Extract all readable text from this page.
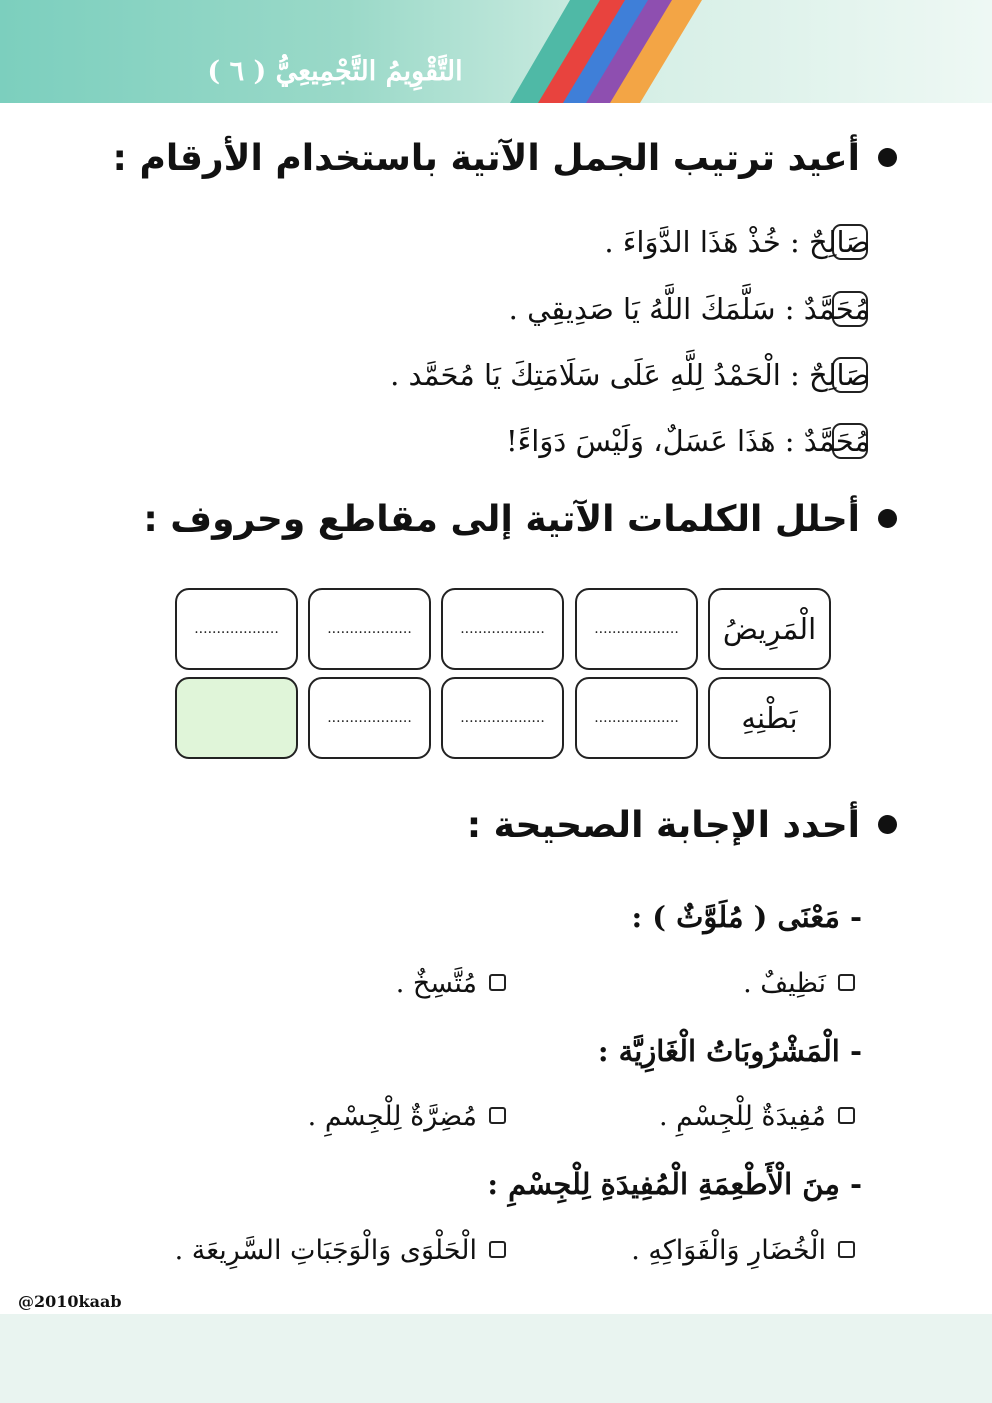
التَّقْوِيمُ التَّجْمِيعِيُّ ( ٦ )
أعيد ترتيب الجمل الآتية باستخدام الأرقام :
صَالِحٌ : خُذْ هَذَا الدَّوَاءَ .
مُحَمَّدٌ : سَلَّمَكَ اللَّهُ يَا صَدِيقِي .
صَالِحٌ : الْحَمْدُ لِلَّهِ عَلَى سَلَامَتِكَ يَا مُحَمَّد .
مُحَمَّدٌ : هَذَا عَسَلٌ، وَلَيْسَ دَوَاءً!
أحلل الكلمات الآتية إلى مقاطع وحروف :
الْمَرِيضُ
...................
...................
...................
...................
بَطْنِهِ
...................
...................
...................
أحدد الإجابة الصحيحة :
- مَعْنَى ( مُلَوَّثٌ ) :
نَظِيفٌ .
مُتَّسِخٌ .
- الْمَشْرُوبَاتُ الْغَازِيَّة :
مُفِيدَةٌ لِلْجِسْمِ .
مُضِرَّةٌ لِلْجِسْمِ .
- مِنَ الْأَطْعِمَةِ الْمُفِيدَةِ لِلْجِسْمِ :
الْخُضَارِ وَالْفَوَاكِهِ .
الْحَلْوَى وَالْوَجَبَاتِ السَّرِيعَة .
@2010kaab
